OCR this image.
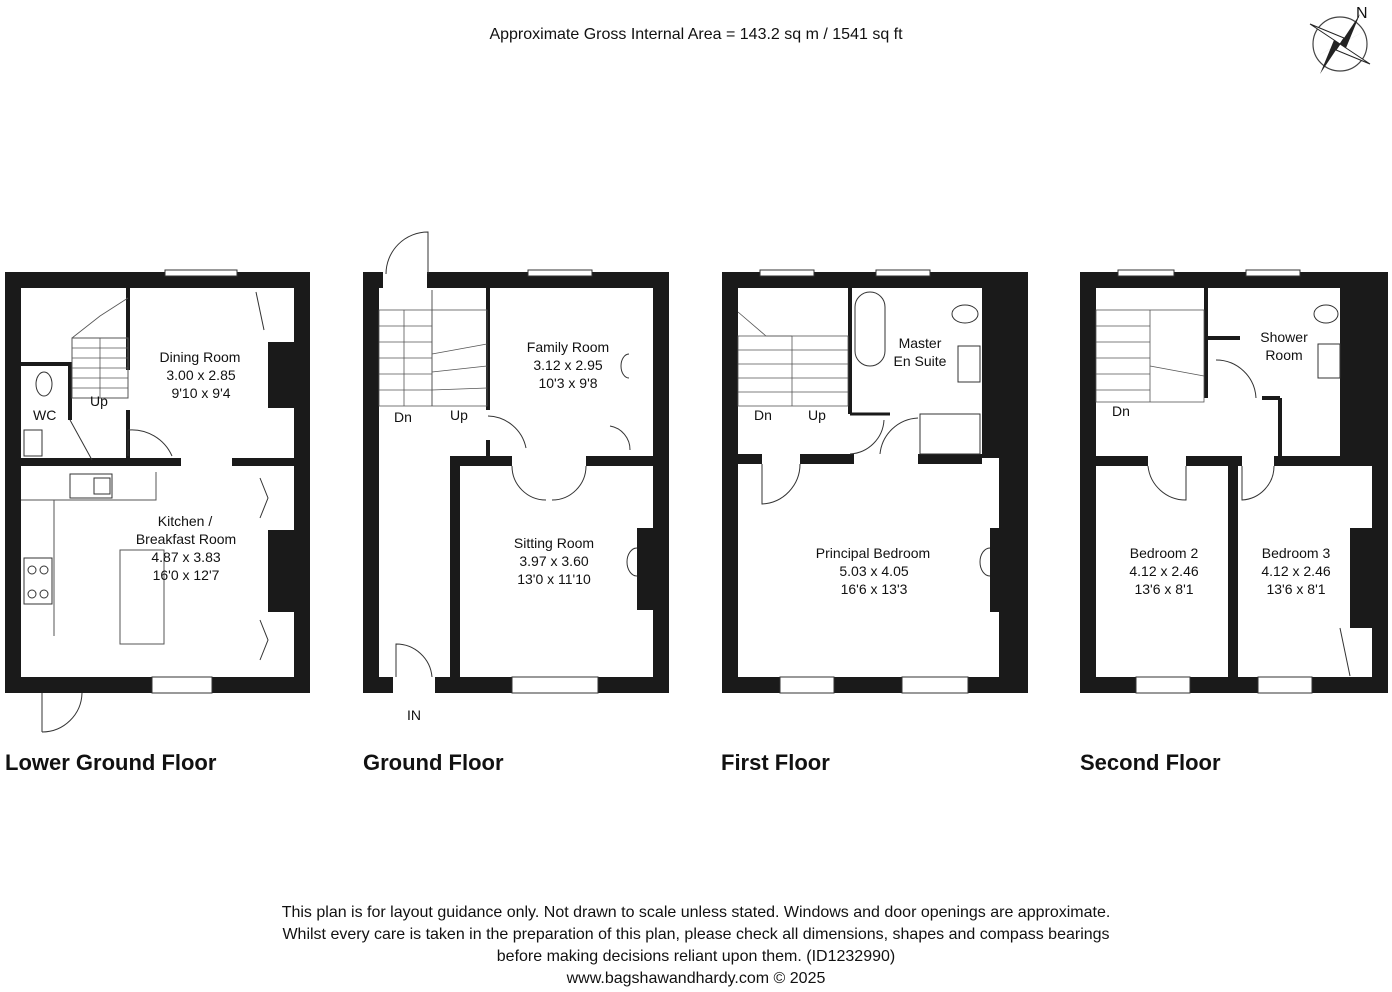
Approximate Gross Internal Area = 143.2 sq m / 1541 sq ft
N
WC
Up
Dining Room
3.00 x 2.85
9'10 x 9'4
Kitchen /
Breakfast Room
4.87 x 3.83
16'0 x 12'7
Lower Ground Floor
Dn	Up
IN
Family Room
3.12 x 2.95
10'3 x 9'8
Sitting Room
3.97 x 3.60
13'0 x 11'10
Ground Floor
Dn	Up
Master
En Suite
Principal Bedroom
5.03 x 4.05
16'6 x 13'3
First Floor
Dn
Shower
Room
Bedroom 2
4.12 x 2.46
13'6 x 8'1
Bedroom 3
4.12 x 2.46
13'6 x 8'1
Second Floor
This plan is for layout guidance only. Not drawn to scale unless stated. Windows and door openings are approximate.
Whilst every care is taken in the preparation of this plan, please check all dimensions, shapes and compass bearings
before making decisions reliant upon them. (ID1232990)
www.bagshawandhardy.com © 2025
